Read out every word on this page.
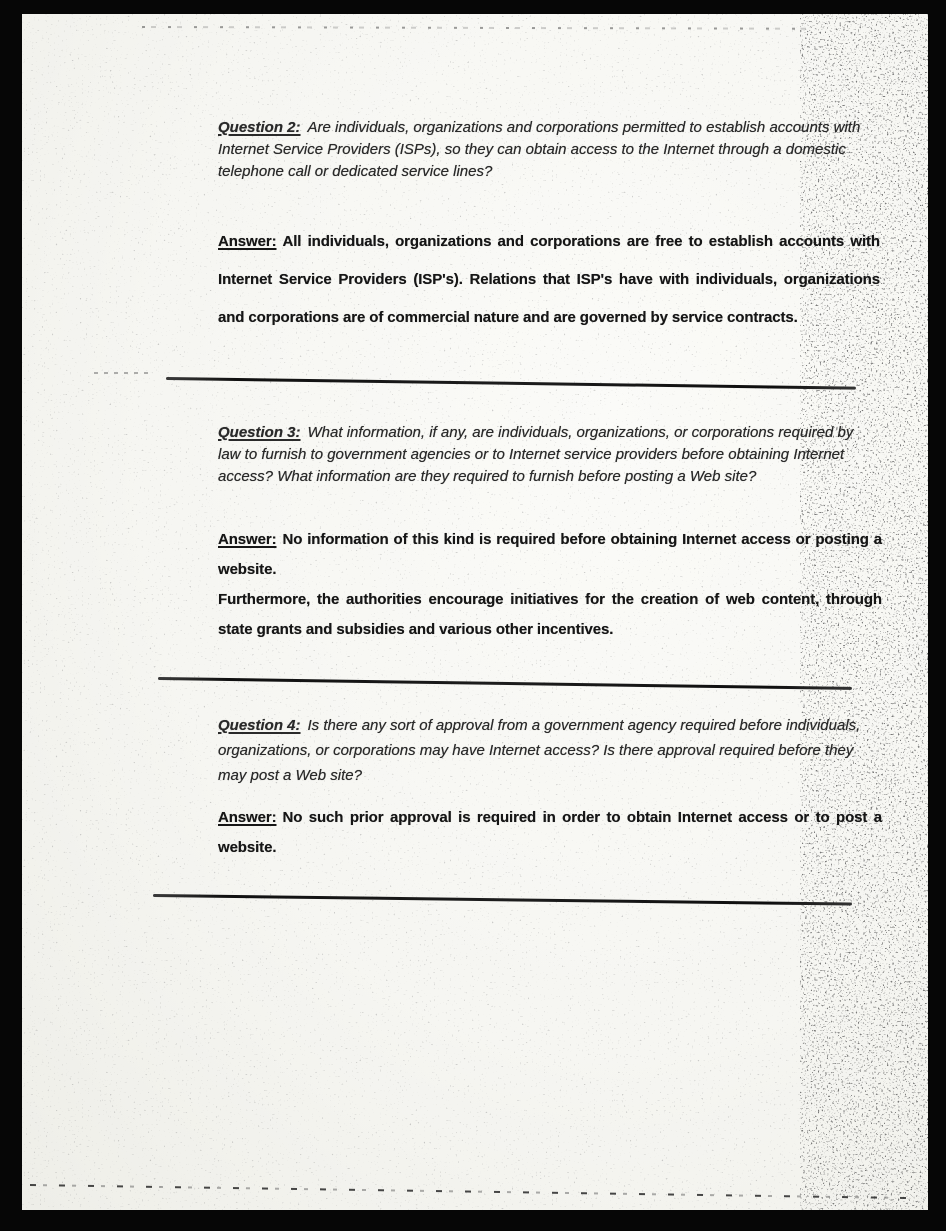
Question 2: Are individuals, organizations and corporations permitted to establish accounts with Internet Service Providers (ISPs), so they can obtain access to the Internet through a domestic telephone call or dedicated service lines?

Answer: All individuals, organizations and corporations are free to establish accounts with Internet Service Providers (ISP's). Relations that ISP's have with individuals, organizations and corporations are of commercial nature and are governed by service contracts.

Question 3: What information, if any, are individuals, organizations, or corporations required by law to furnish to government agencies or to Internet service providers before obtaining Internet access? What information are they required to furnish before posting a Web site?

Answer: No information of this kind is required before obtaining Internet access or posting a website.

Furthermore, the authorities encourage initiatives for the creation of web content, through state grants and subsidies and various other incentives.

Question 4: Is there any sort of approval from a government agency required before individuals, organizations, or corporations may have Internet access? Is there approval required before they may post a Web site?

Answer: No such prior approval is required in order to obtain Internet access or to post a website.
